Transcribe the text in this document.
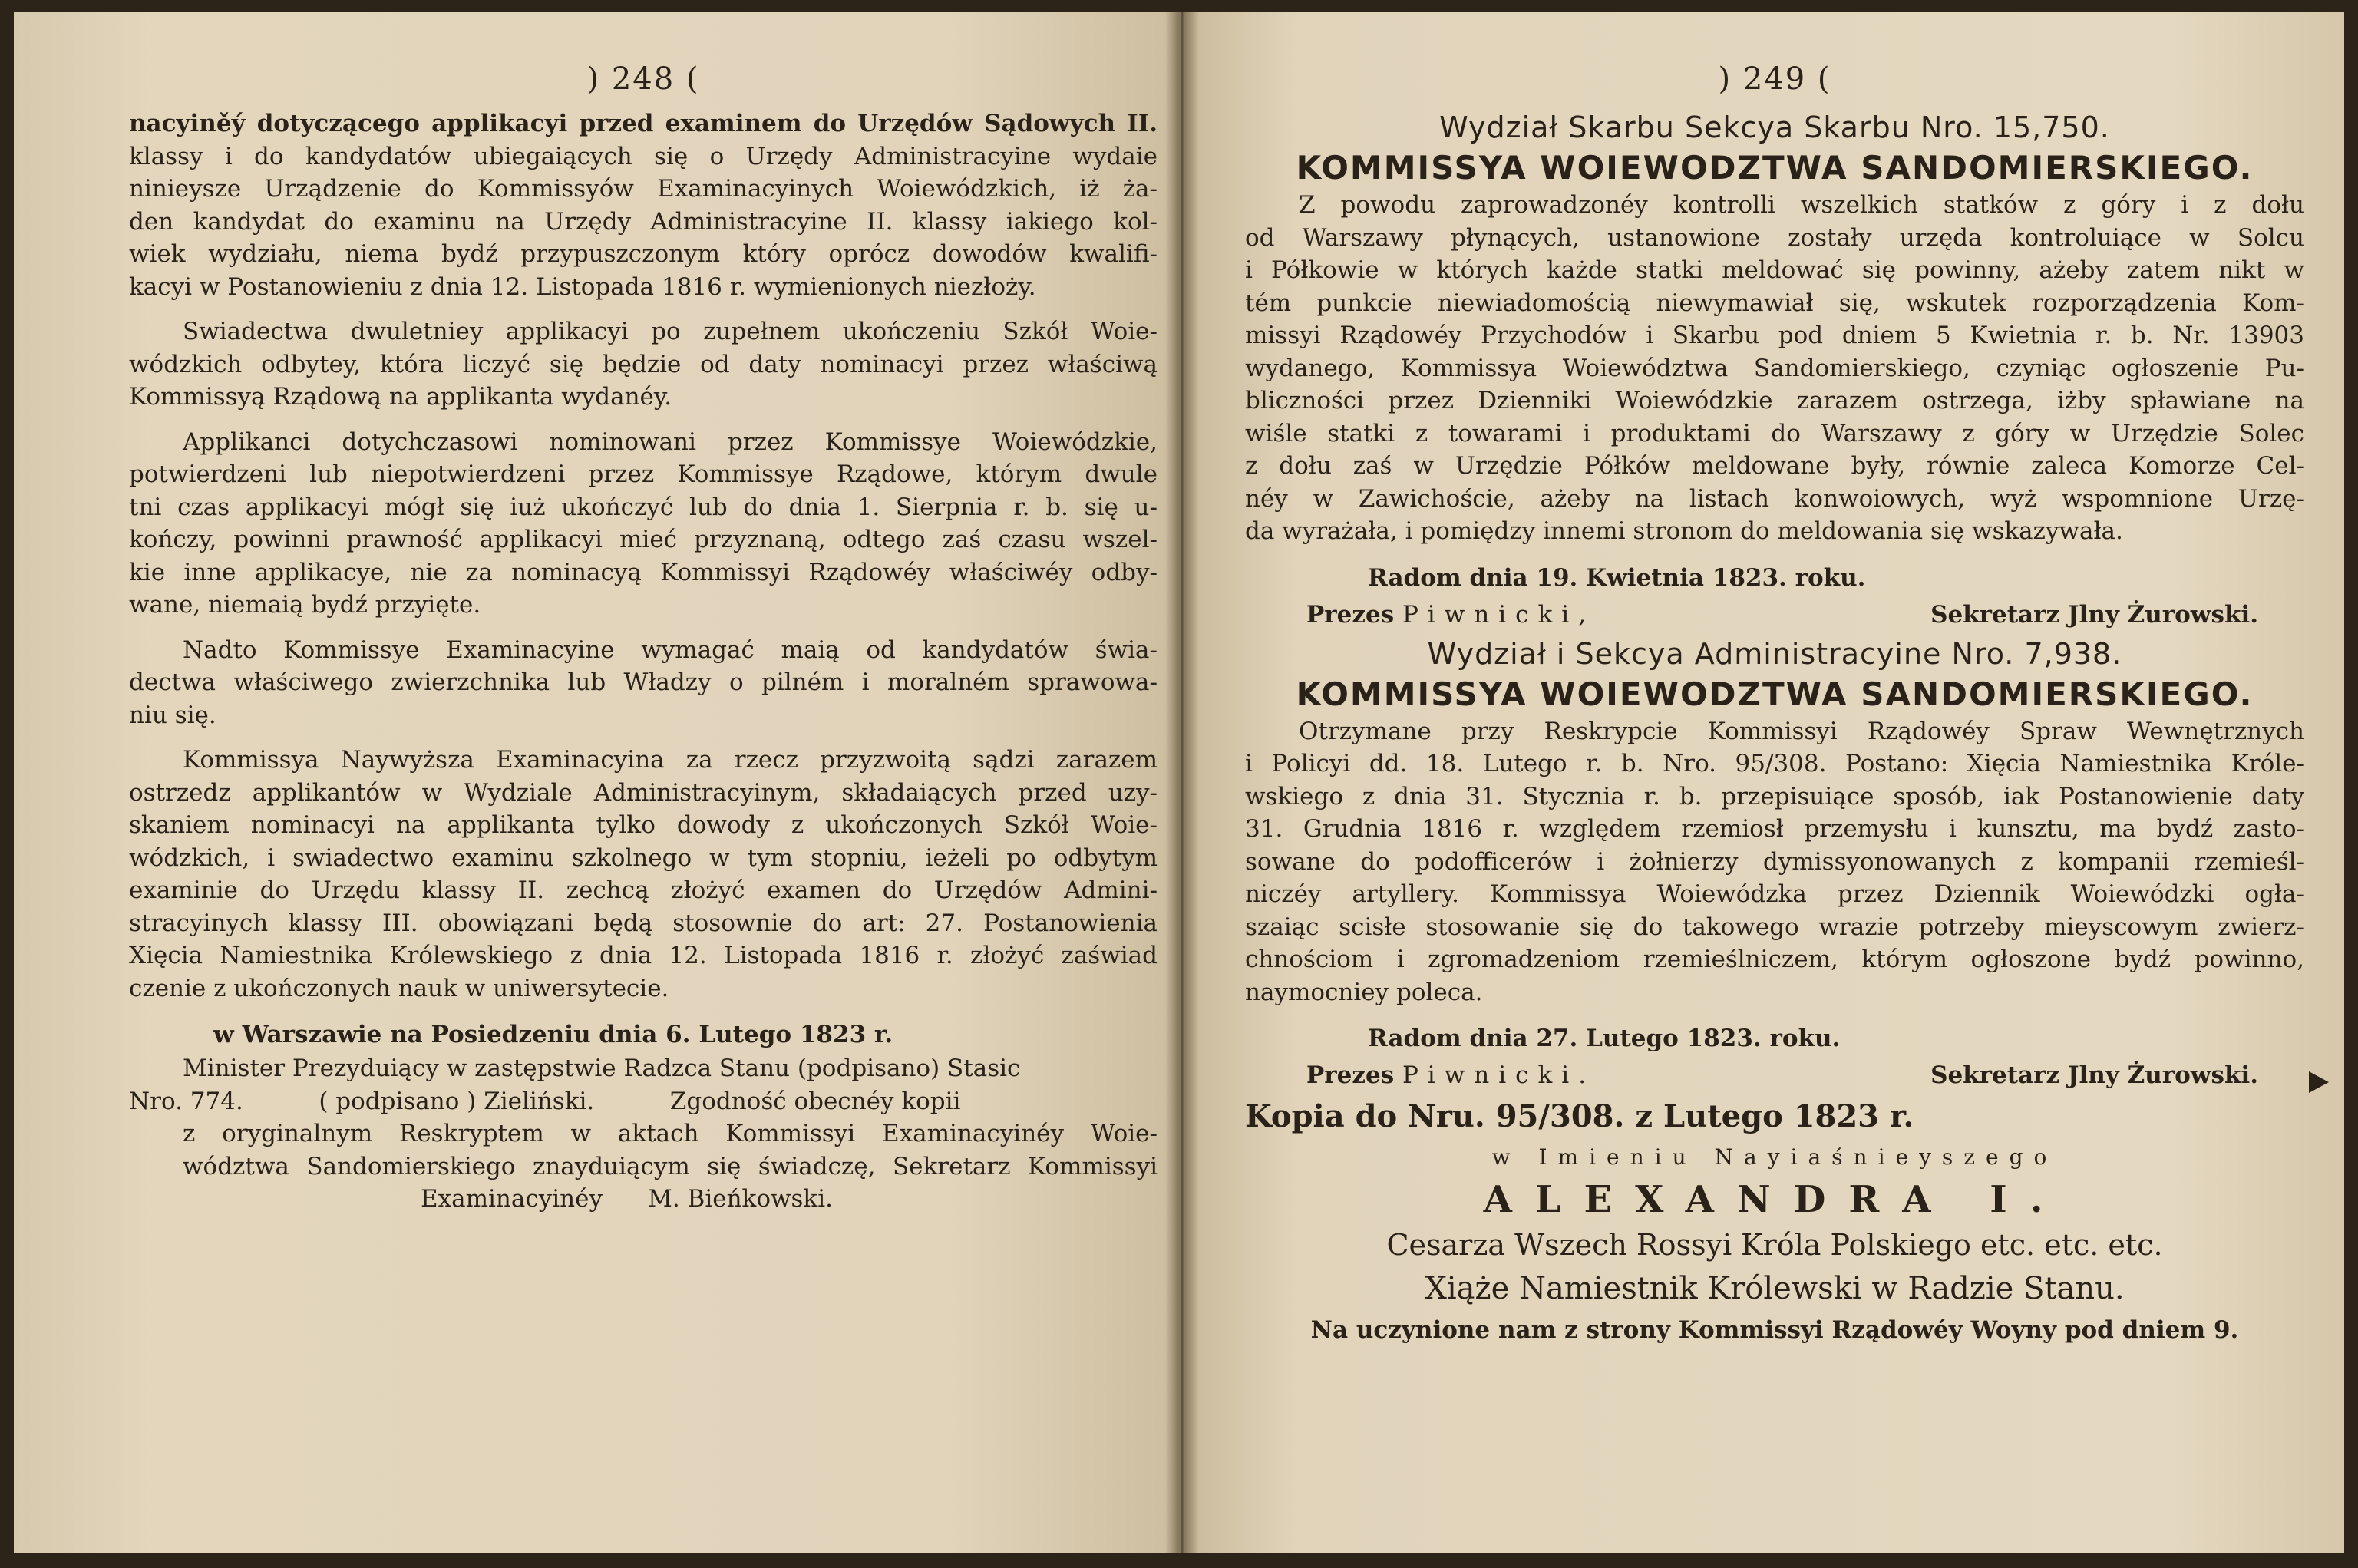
) 248 (
nacyiněý dotyczącego applikacyi przed examinem do Urzędów Sądowych II.
klassy i do kandydatów ubiegaiących się o Urzędy Administracyine wydaie
ninieysze Urządzenie do Kommissyów Examinacyinych Woiewódzkich, iż ża-
den kandydat do examinu na Urzędy Administracyine II. klassy iakiego kol-
wiek wydziału, niema bydź przypuszczonym który oprócz dowodów kwalifi-
kacyi w Postanowieniu z dnia 12. Listopada 1816 r. wymienionych niezłoży.
Swiadectwa dwuletniey applikacyi po zupełnem ukończeniu Szkół Woie-
wódzkich odbytey, która liczyć się będzie od daty nominacyi przez właściwą
Kommissyą Rządową na applikanta wydanéy.
Applikanci dotychczasowi nominowani przez Kommissye Woiewódzkie,
potwierdzeni lub niepotwierdzeni przez Kommissye Rządowe, którym dwule
tni czas applikacyi mógł się iuż ukończyć lub do dnia 1. Sierpnia r. b. się u-
kończy, powinni prawność applikacyi mieć przyznaną, odtego zaś czasu wszel-
kie inne applikacye, nie za nominacyą Kommissyi Rządowéy właściwéy odby-
wane, niemaią bydź przyięte.
Nadto Kommissye Examinacyine wymagać maią od kandydatów świa-
dectwa właściwego zwierzchnika lub Władzy o pilném i moralném sprawowa-
niu się.
Kommissya Naywyższa Examinacyina za rzecz przyzwoitą sądzi zarazem
ostrzedz applikantów w Wydziale Administracyinym, składaiących przed uzy-
skaniem nominacyi na applikanta tylko dowody z ukończonych Szkół Woie-
wódzkich, i swiadectwo examinu szkolnego w tym stopniu, ieżeli po odbytym
examinie do Urzędu klassy II. zechcą złożyć examen do Urzędów Admini-
stracyinych klassy III. obowiązani będą stosownie do art: 27. Postanowienia
Xięcia Namiestnika Królewskiego z dnia 12. Listopada 1816 r. złożyć zaświad
czenie z ukończonych nauk w uniwersytecie.
w Warszawie na Posiedzeniu dnia 6. Lutego 1823 r.
Minister Prezyduiący w zastępstwie Radzca Stanu (podpisano) Stasic
Nro. 774.          ( podpisano ) Zieliński.          Zgodność obecnéy kopii
z oryginalnym Reskryptem w aktach Kommissyi Examinacyinéy Woie-
wództwa Sandomierskiego znayduiącym się świadczę, Sekretarz Kommissyi
Examinacyinéy      M. Bieńkowski.
) 249 (
Wydział Skarbu Sekcya Skarbu Nro. 15,750.
KOMMISSYA WOIEWODZTWA SANDOMIERSKIEGO.
Z powodu zaprowadzonéy kontrolli wszelkich statków z góry i z dołu
od Warszawy płynących, ustanowione zostały urzęda kontroluiące w Solcu
i Półkowie w których każde statki meldować się powinny, ażeby zatem nikt w
tém punkcie niewiadomością niewymawiał się, wskutek rozporządzenia Kom-
missyi Rządowéy Przychodów i Skarbu pod dniem 5 Kwietnia r. b. Nr. 13903
wydanego, Kommissya Woiewództwa Sandomierskiego, czyniąc ogłoszenie Pu-
bliczności przez Dzienniki Woiewódzkie zarazem ostrzega, iżby spławiane na
wiśle statki z towarami i produktami do Warszawy z góry w Urzędzie Solec
z dołu zaś w Urzędzie Półków meldowane były, równie zaleca Komorze Cel-
néy w Zawichoście, ażeby na listach konwoiowych, wyż wspomnione Urzę-
da wyrażała, i pomiędzy innemi stronom do meldowania się wskazywała.
Radom dnia 19. Kwietnia 1823. roku.
Prezes Piwnicki,	Sekretarz Jlny Żurowski.
Wydział i Sekcya Administracyine Nro. 7,938.
KOMMISSYA WOIEWODZTWA SANDOMIERSKIEGO.
Otrzymane przy Reskrypcie Kommissyi Rządowéy Spraw Wewnętrznych
i Policyi dd. 18. Lutego r. b. Nro. 95/308. Postano: Xięcia Namiestnika Króle-
wskiego z dnia 31. Stycznia r. b. przepisuiące sposób, iak Postanowienie daty
31. Grudnia 1816 r. względem rzemiosł przemysłu i kunsztu, ma bydź zasto-
sowane do podofficerów i żołnierzy dymissyonowanych z kompanii rzemieśl-
niczéy artyllery. Kommissya Woiewódzka przez Dziennik Woiewódzki ogła-
szaiąc scisłe stosowanie się do takowego wrazie potrzeby mieyscowym zwierz-
chnościom i zgromadzeniom rzemieślniczem, którym ogłoszone bydź powinno,
naymocniey poleca.
Radom dnia 27. Lutego 1823. roku.
Prezes Piwnicki.	Sekretarz Jlny Żurowski.
Kopia do Nru. 95/308. z Lutego 1823 r.
w Imieniu Nayiaśnieyszego
ALEXANDRA I.
Cesarza Wszech Rossyi Króla Polskiego etc. etc. etc.
Xiąże Namiestnik Królewski w Radzie Stanu.
Na uczynione nam z strony Kommissyi Rządowéy Woyny pod dniem 9.
